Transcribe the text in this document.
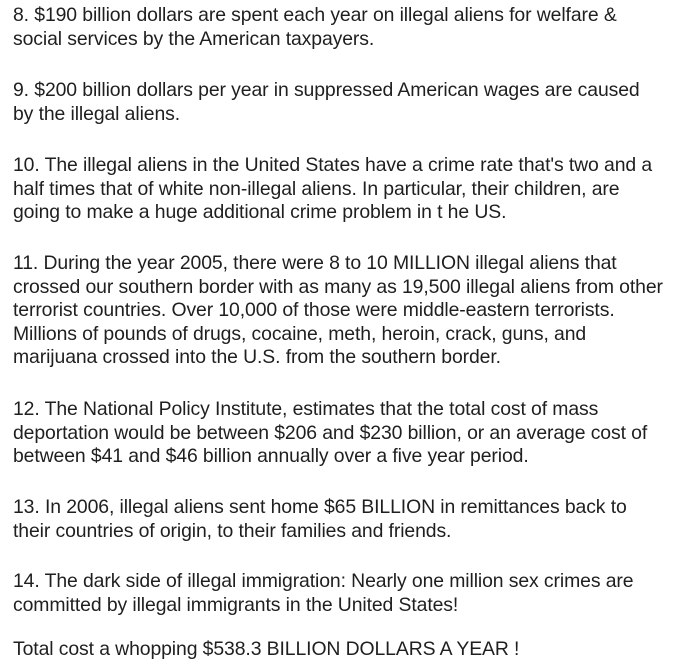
8. $190 billion dollars are spent each year on illegal aliens for welfare &
social services by the American taxpayers.

9. $200 billion dollars per year in suppressed American wages are caused
by the illegal aliens.

10. The illegal aliens in the United States have a crime rate that's two and a
half times that of white non-illegal aliens. In particular, their children, are
going to make a huge additional crime problem in t he US.

11. During the year 2005, there were 8 to 10 MILLION illegal aliens that
crossed our southern border with as many as 19,500 illegal aliens from other
terrorist countries. Over 10,000 of those were middle-eastern terrorists.
Millions of pounds of drugs, cocaine, meth, heroin, crack, guns, and
marijuana crossed into the U.S. from the southern border.

12. The National Policy Institute, estimates that the total cost of mass
deportation would be between $206 and $230 billion, or an average cost of
between $41 and $46 billion annually over a five year period.

13. In 2006, illegal aliens sent home $65 BILLION in remittances back to
their countries of origin, to their families and friends.

14. The dark side of illegal immigration: Nearly one million sex crimes are
committed by illegal immigrants in the United States!

Total cost a whopping $538.3 BILLION DOLLARS A YEAR !
